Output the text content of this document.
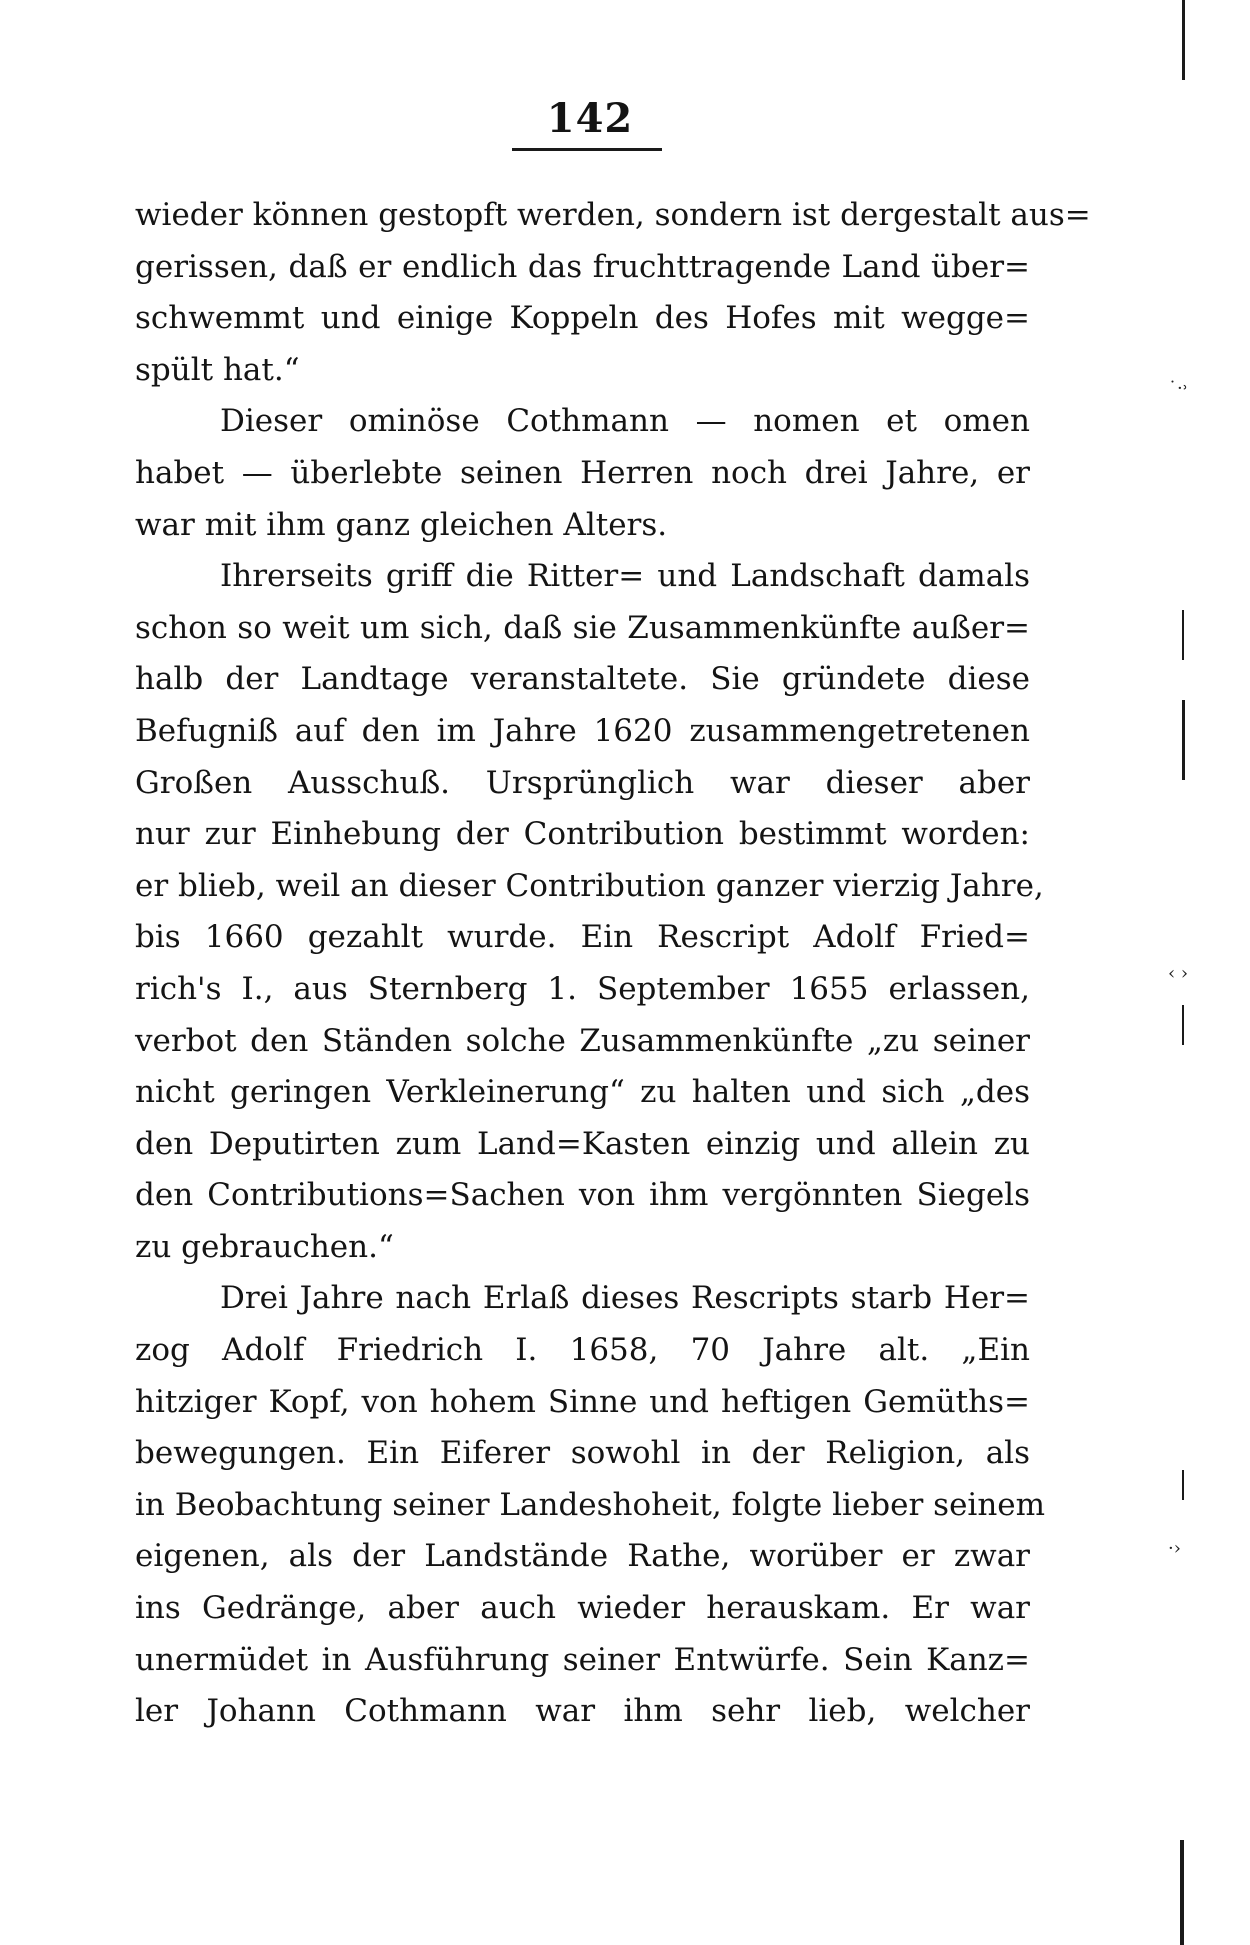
142
wieder können gestopft werden, sondern ist dergestalt aus=
gerissen, daß er endlich das fruchttragende Land über=
schwemmt und einige Koppeln des Hofes mit wegge=
spült hat.“
Dieser ominöse Cothmann — nomen et omen
habet — überlebte seinen Herren noch drei Jahre, er
war mit ihm ganz gleichen Alters.
Ihrerseits griff die Ritter= und Landschaft damals
schon so weit um sich, daß sie Zusammenkünfte außer=
halb der Landtage veranstaltete. Sie gründete diese
Befugniß auf den im Jahre 1620 zusammengetretenen
Großen Ausschuß. Ursprünglich war dieser aber
nur zur Einhebung der Contribution bestimmt worden:
er blieb, weil an dieser Contribution ganzer vierzig Jahre,
bis 1660 gezahlt wurde. Ein Rescript Adolf Fried=
rich's I., aus Sternberg 1. September 1655 erlassen,
verbot den Ständen solche Zusammenkünfte „zu seiner
nicht geringen Verkleinerung“ zu halten und sich „des
den Deputirten zum Land=Kasten einzig und allein zu
den Contributions=Sachen von ihm vergönnten Siegels
zu gebrauchen.“
Drei Jahre nach Erlaß dieses Rescripts starb Her=
zog Adolf Friedrich I. 1658, 70 Jahre alt. „Ein
hitziger Kopf, von hohem Sinne und heftigen Gemüths=
bewegungen. Ein Eiferer sowohl in der Religion, als
in Beobachtung seiner Landeshoheit, folgte lieber seinem
eigenen, als der Landstände Rathe, worüber er zwar
ins Gedränge, aber auch wieder herauskam. Er war
unermüdet in Ausführung seiner Entwürfe. Sein Kanz=
ler Johann Cothmann war ihm sehr lieb, welcher
˙·˒
‹ ›
·›
